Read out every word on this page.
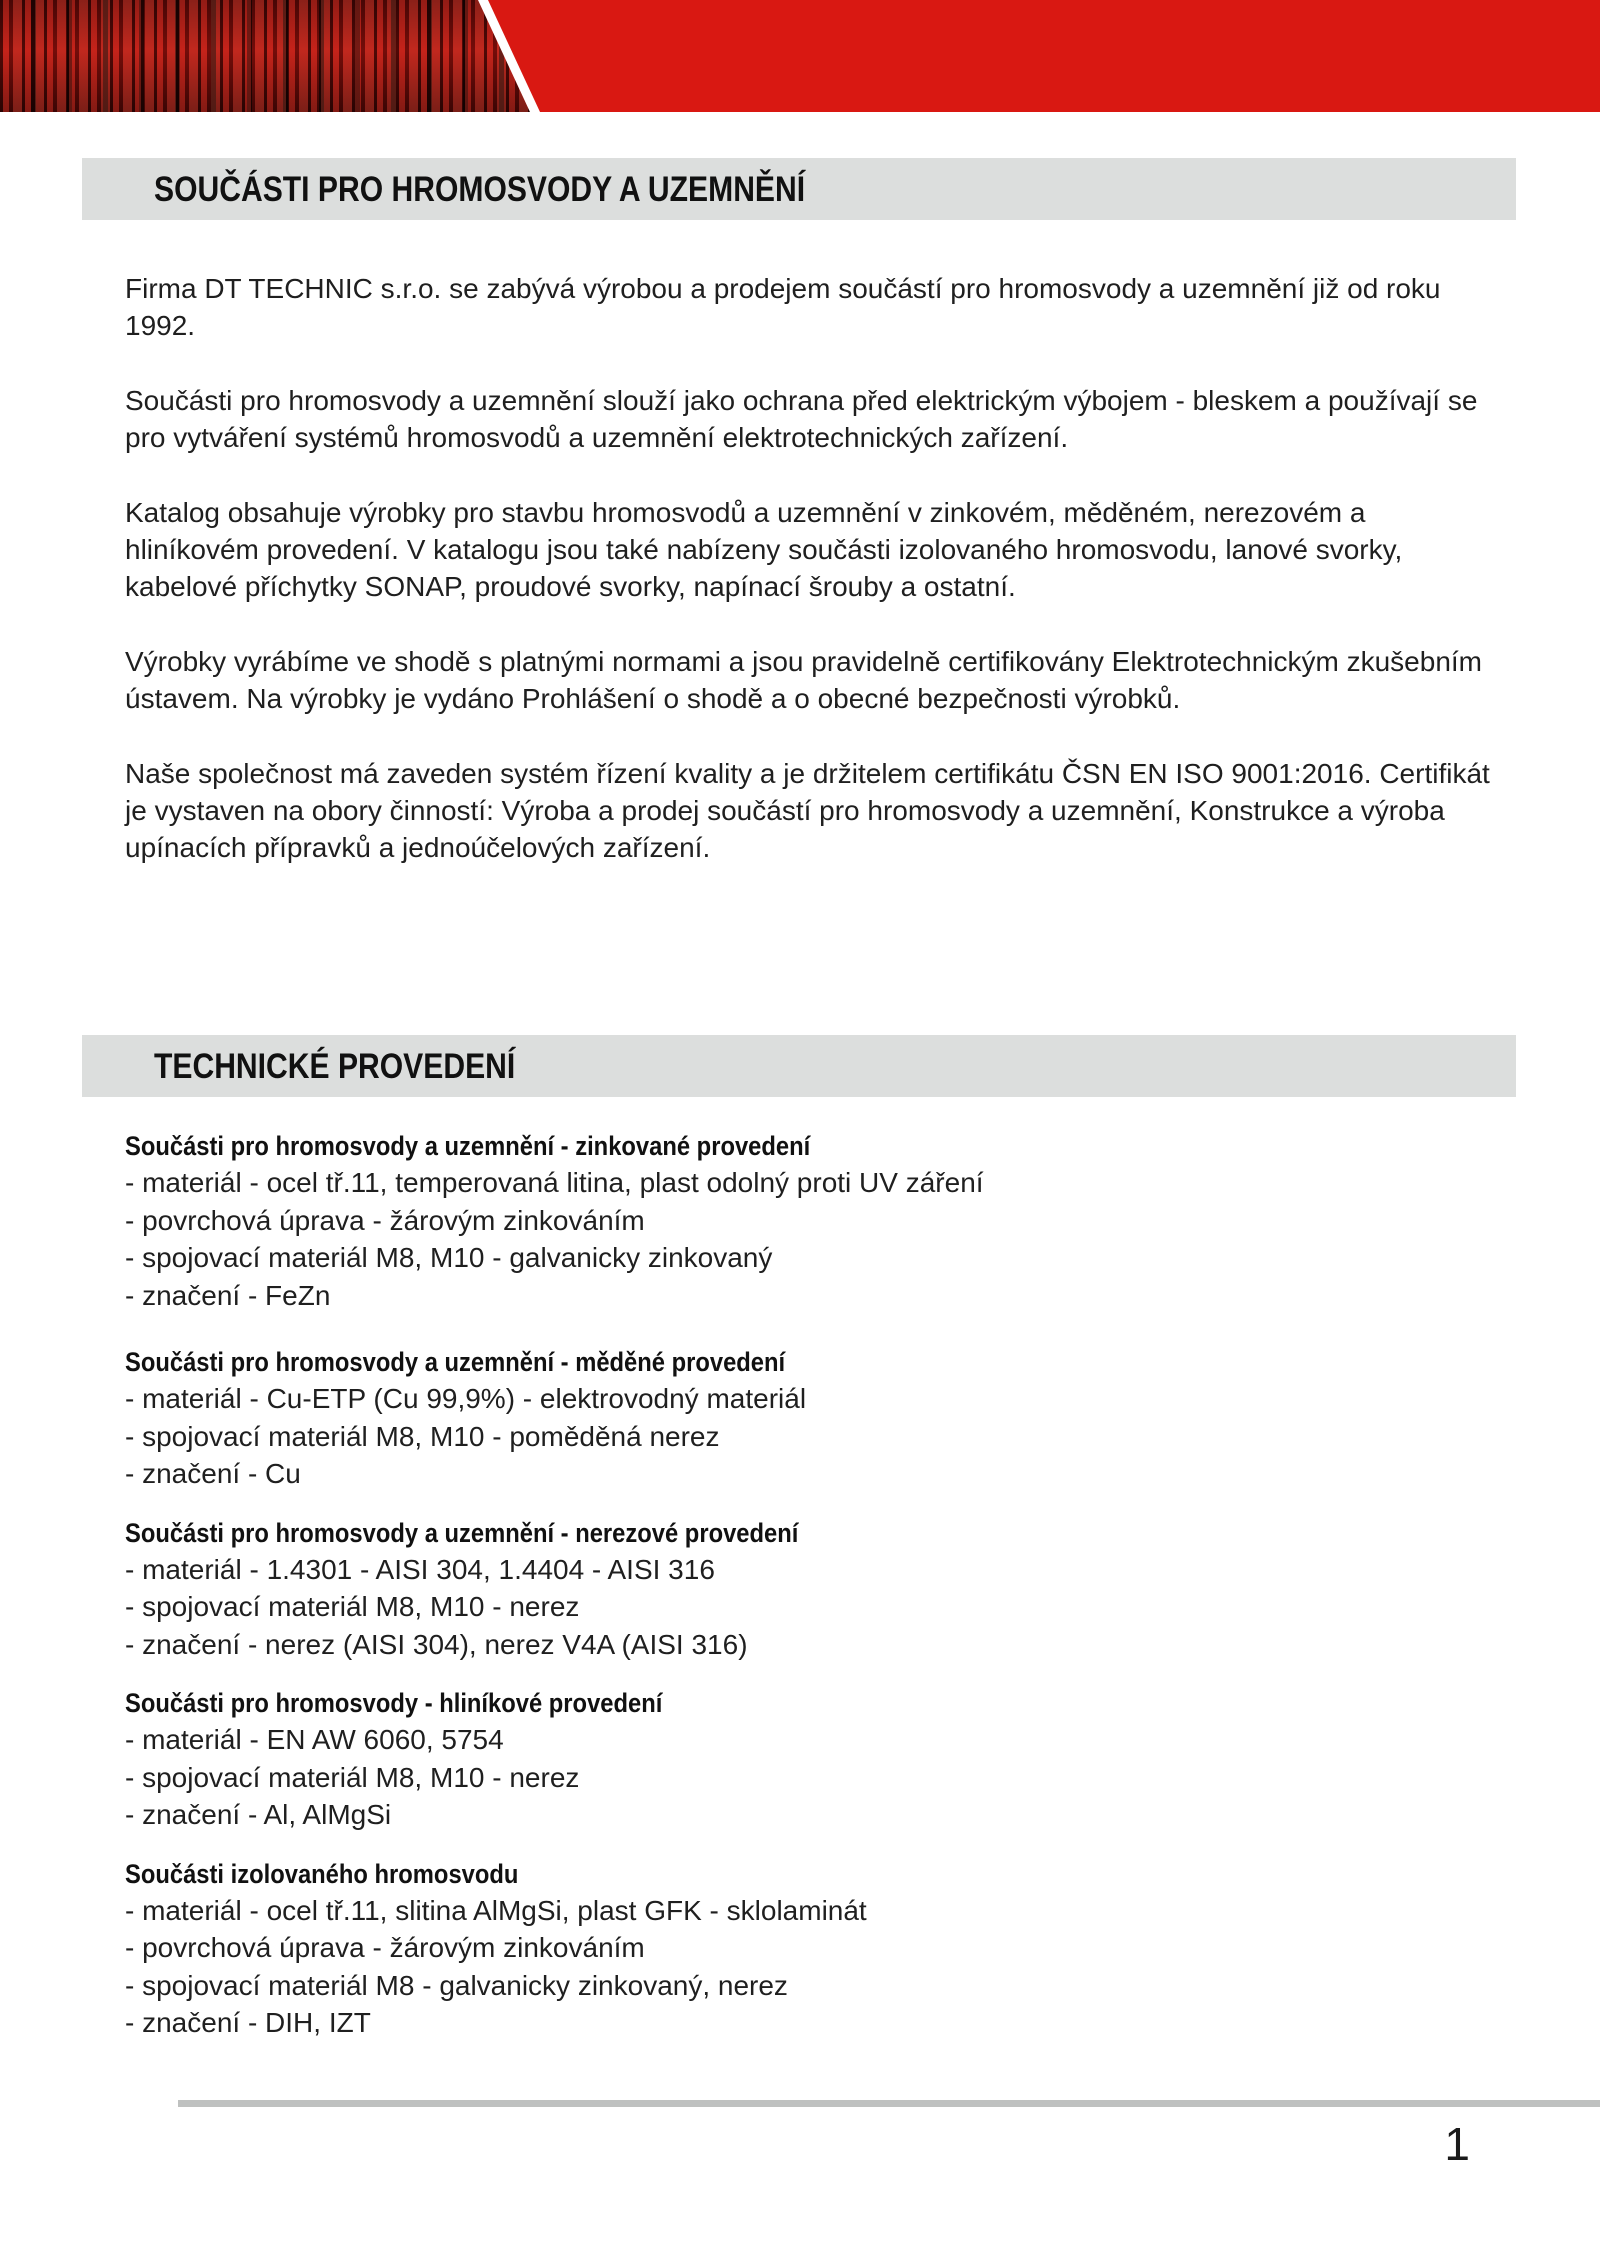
SOUČÁSTI PRO HROMOSVODY A UZEMNĚNÍ

Firma DT TECHNIC s.r.o. se zabývá výrobou a prodejem součástí pro hromosvody a uzemnění již od roku 1992.

Součásti pro hromosvody a uzemnění slouží jako ochrana před elektrickým výbojem - bleskem a používají se pro vytváření systémů hromosvodů a uzemnění elektrotechnických zařízení.

Katalog obsahuje výrobky pro stavbu hromosvodů a uzemnění v zinkovém, měděném, nerezovém a hliníkovém provedení. V katalogu jsou také nabízeny součásti izolovaného hromosvodu, lanové svorky, kabelové příchytky SONAP, proudové svorky, napínací šrouby a ostatní.

Výrobky vyrábíme ve shodě s platnými normami a jsou pravidelně certifikovány Elektrotechnickým zkušebním ústavem. Na výrobky je vydáno Prohlášení o shodě a o obecné bezpečnosti výrobků.

Naše společnost má zaveden systém řízení kvality a je držitelem certifikátu ČSN EN ISO 9001:2016. Certifikát je vystaven na obory činností: Výroba a prodej součástí pro hromosvody a uzemnění, Konstrukce a výroba upínacích přípravků a jednoúčelových zařízení.

TECHNICKÉ PROVEDENÍ
Součásti pro hromosvody a uzemnění - zinkované provedení
- materiál - ocel tř.11, temperovaná litina, plast odolný proti UV záření
- povrchová úprava - žárovým zinkováním
- spojovací materiál M8, M10 - galvanicky zinkovaný
- značení - FeZn
Součásti pro hromosvody a uzemnění - měděné provedení
- materiál - Cu-ETP (Cu 99,9%) - elektrovodný materiál
- spojovací materiál M8, M10 - poměděná nerez
- značení - Cu
Součásti pro hromosvody a uzemnění - nerezové provedení
- materiál - 1.4301 - AISI 304, 1.4404 - AISI 316
- spojovací materiál M8, M10 - nerez
- značení - nerez (AISI 304), nerez V4A (AISI 316)
Součásti pro hromosvody - hliníkové provedení
- materiál - EN AW 6060, 5754
- spojovací materiál M8, M10 - nerez
- značení - Al, AlMgSi
Součásti izolovaného hromosvodu
- materiál - ocel tř.11, slitina AlMgSi, plast GFK - sklolaminát
- povrchová úprava - žárovým zinkováním
- spojovací materiál M8 - galvanicky zinkovaný, nerez
- značení - DIH, IZT
1
